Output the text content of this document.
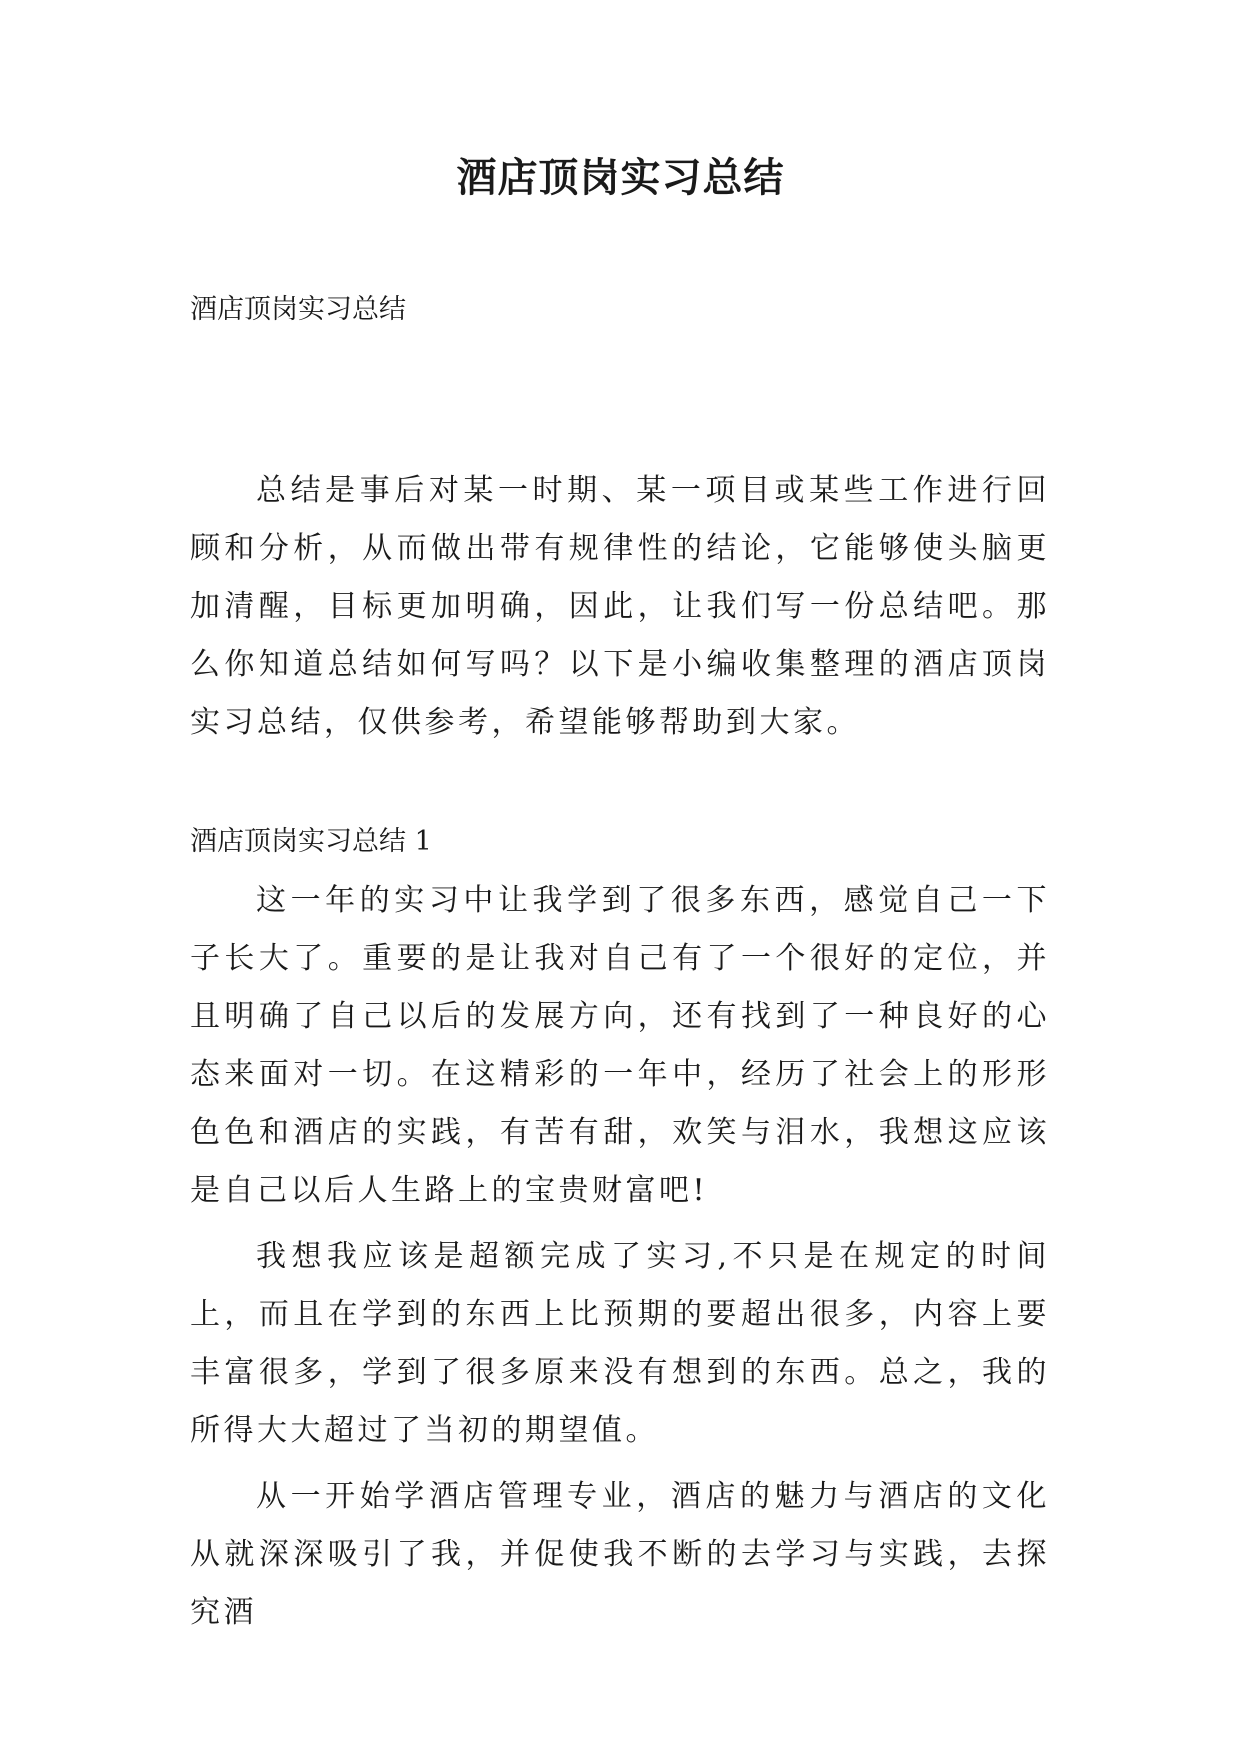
酒店顶岗实习总结

酒店顶岗实习总结

总结是事后对某一时期、某一项目或某些工作进行回顾和分析，从而做出带有规律性的结论，它能够使头脑更加清醒，目标更加明确，因此，让我们写一份总结吧。那么你知道总结如何写吗？以下是小编收集整理的酒店顶岗实习总结，仅供参考，希望能够帮助到大家。

酒店顶岗实习总结 1

这一年的实习中让我学到了很多东西，感觉自己一下子长大了。重要的是让我对自己有了一个很好的定位，并且明确了自己以后的发展方向，还有找到了一种良好的心态来面对一切。在这精彩的一年中，经历了社会上的形形色色和酒店的实践，有苦有甜，欢笑与泪水，我想这应该是自己以后人生路上的宝贵财富吧!

我想我应该是超额完成了实习,不只是在规定的时间上，而且在学到的东西上比预期的要超出很多，内容上要丰富很多，学到了很多原来没有想到的东西。总之，我的所得大大超过了当初的期望值。

从一开始学酒店管理专业，酒店的魅力与酒店的文化从就深深吸引了我，并促使我不断的去学习与实践，去探究酒
